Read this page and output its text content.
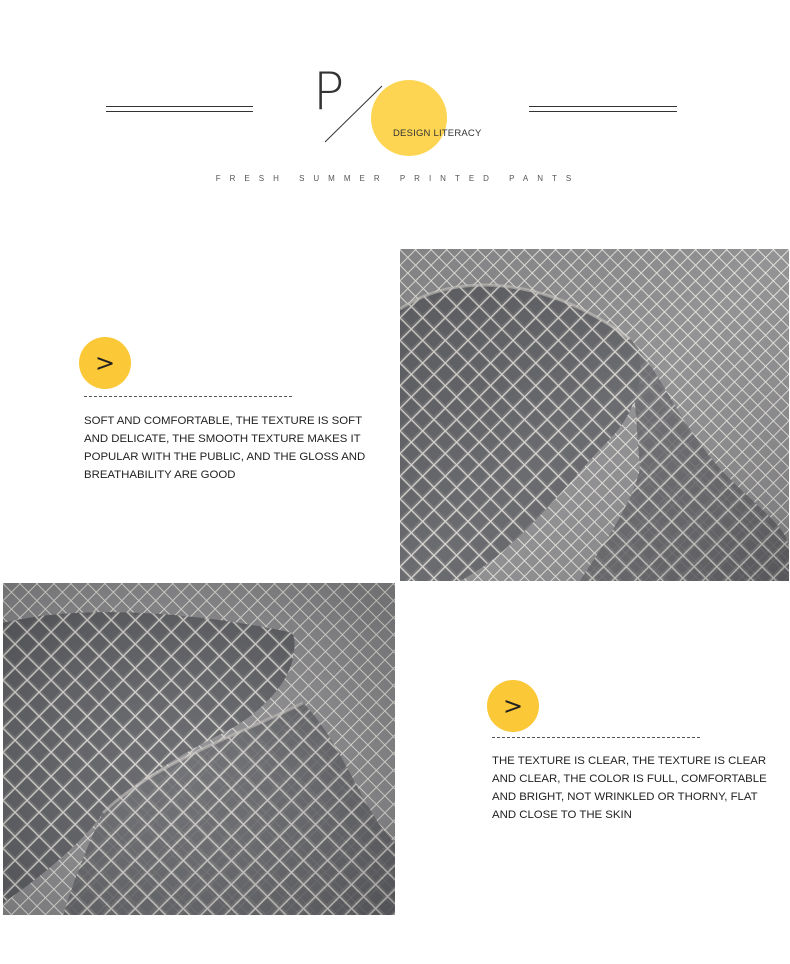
P
DESIGN LITERACY
FRESH SUMMER PRINTED PANTS
>
SOFT AND COMFORTABLE, THE TEXTURE IS SOFT AND DELICATE, THE SMOOTH TEXTURE MAKES IT POPULAR WITH THE PUBLIC, AND THE GLOSS AND BREATHABILITY ARE GOOD
>
THE TEXTURE IS CLEAR, THE TEXTURE IS CLEAR AND CLEAR, THE COLOR IS FULL, COMFORTABLE AND BRIGHT, NOT WRINKLED OR THORNY, FLAT AND CLOSE TO THE SKIN
